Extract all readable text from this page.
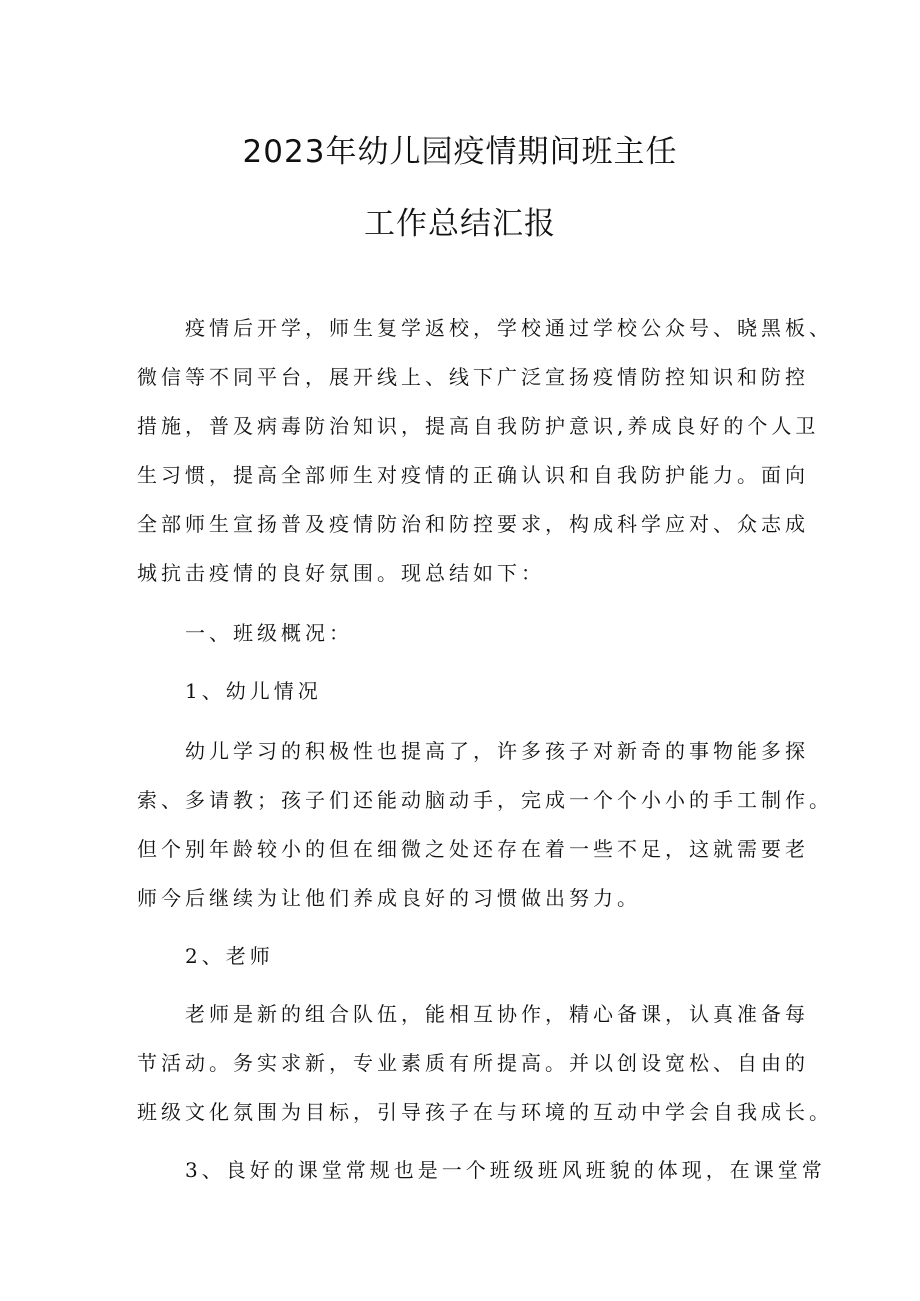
2023年幼儿园疫情期间班主任
工作总结汇报
疫情后开学，师生复学返校，学校通过学校公众号、晓黑板、
微信等不同平台，展开线上、线下广泛宣扬疫情防控知识和防控
措施，普及病毒防治知识，提高自我防护意识,养成良好的个人卫
生习惯，提高全部师生对疫情的正确认识和自我防护能力。面向
全部师生宣扬普及疫情防治和防控要求，构成科学应对、众志成
城抗击疫情的良好氛围。现总结如下：
一、班级概况：
1、幼儿情况
幼儿学习的积极性也提高了，许多孩子对新奇的事物能多探
索、多请教；孩子们还能动脑动手，完成一个个小小的手工制作。
但个别年龄较小的但在细微之处还存在着一些不足，这就需要老
师今后继续为让他们养成良好的习惯做出努力。
2、老师
老师是新的组合队伍，能相互协作，精心备课，认真准备每
节活动。务实求新，专业素质有所提高。并以创设宽松、自由的
班级文化氛围为目标，引导孩子在与环境的互动中学会自我成长。
3、良好的课堂常规也是一个班级班风班貌的体现，在课堂常
